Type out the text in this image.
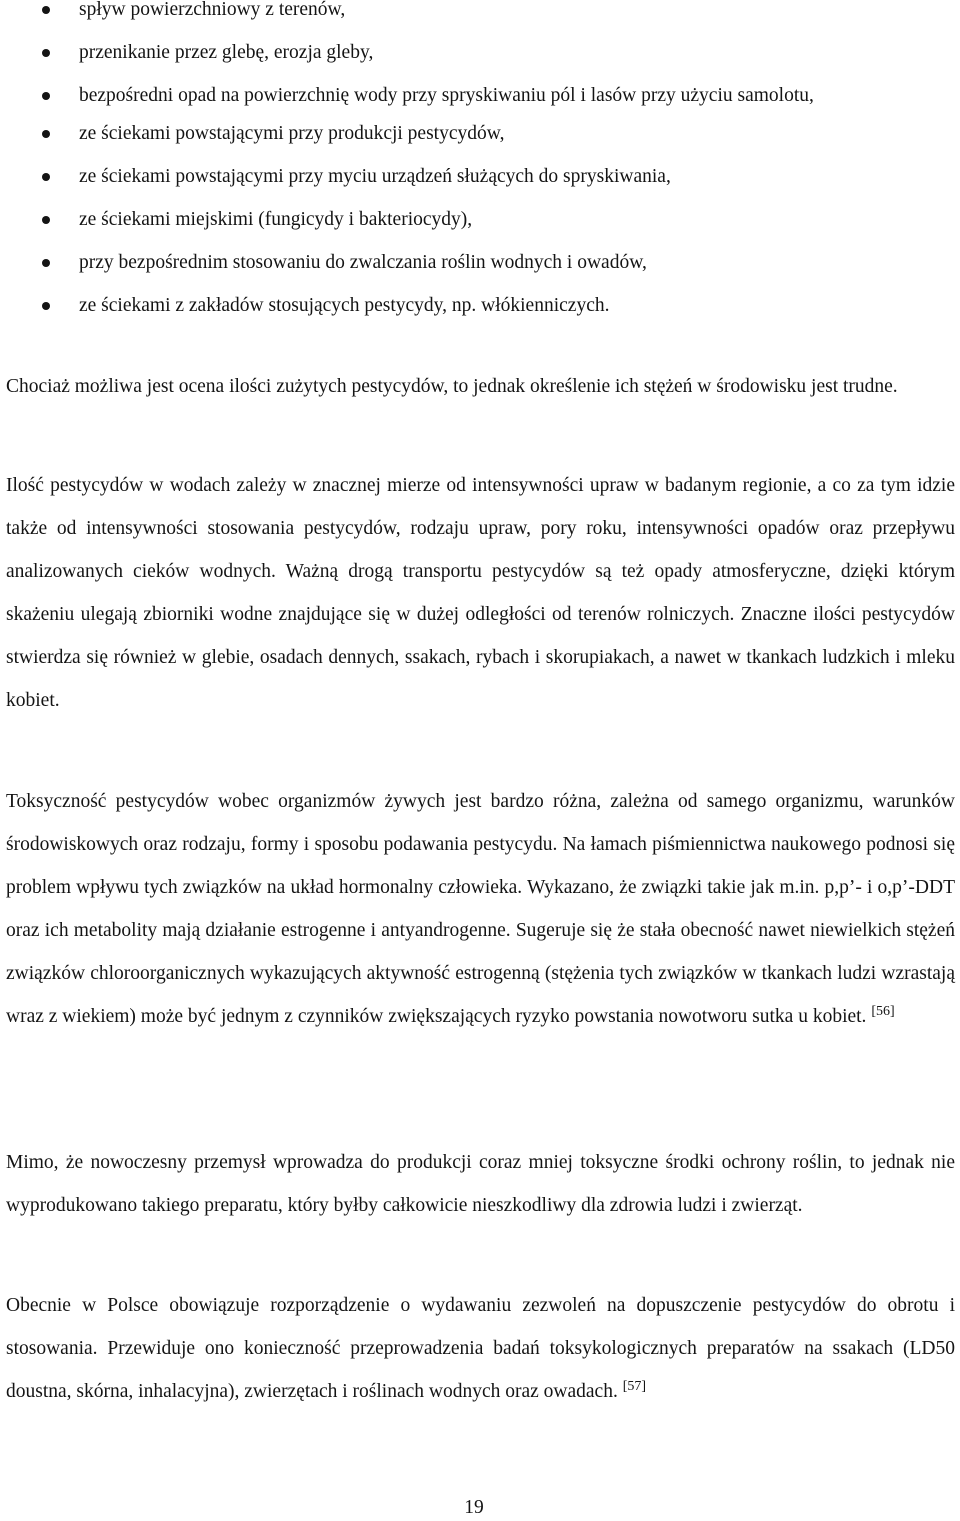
spływ powierzchniowy z terenów,
przenikanie przez glebę, erozja gleby,
bezpośredni opad na powierzchnię wody przy spryskiwaniu pól i lasów przy użyciu samolotu,
ze ściekami powstającymi przy produkcji pestycydów,
ze ściekami powstającymi przy myciu urządzeń służących do spryskiwania,
ze ściekami miejskimi (fungicydy i bakteriocydy),
przy bezpośrednim stosowaniu do zwalczania roślin wodnych i owadów,
ze ściekami z zakładów stosujących pestycydy, np. włókienniczych.

Chociaż możliwa jest ocena ilości zużytych pestycydów, to jednak określenie ich stężeń w środowisku jest trudne.

Ilość pestycydów w wodach zależy w znacznej mierze od intensywności upraw w badanym regionie, a co za tym idzie także od intensywności stosowania pestycydów, rodzaju upraw, pory roku, intensywności opadów oraz przepływu analizowanych cieków wodnych. Ważną drogą transportu pestycydów są też opady atmosferyczne, dzięki którym skażeniu ulegają zbiorniki wodne znajdujące się w dużej odległości od terenów rolniczych. Znaczne ilości pestycydów stwierdza się również w glebie, osadach dennych, ssakach, rybach i skorupiakach, a nawet w tkankach ludzkich i mleku kobiet.

Toksyczność pestycydów wobec organizmów żywych jest bardzo różna, zależna od samego organizmu, warunków środowiskowych oraz rodzaju, formy i sposobu podawania pestycydu. Na łamach piśmiennictwa naukowego podnosi się problem wpływu tych związków na układ hormonalny człowieka. Wykazano, że związki takie jak m.in. p,p’- i o,p’-DDT oraz ich metabolity mają działanie estrogenne i antyandrogenne. Sugeruje się że stała obecność nawet niewielkich stężeń związków chloroorganicznych wykazujących aktywność estrogenną (stężenia tych związków w tkankach ludzi wzrastają wraz z wiekiem) może być jednym z czynników zwiększających ryzyko powstania nowotworu sutka u kobiet. [56]

Mimo, że nowoczesny przemysł wprowadza do produkcji coraz mniej toksyczne środki ochrony roślin, to jednak nie wyprodukowano takiego preparatu, który byłby całkowicie nieszkodliwy dla zdrowia ludzi i zwierząt.

Obecnie w Polsce obowiązuje rozporządzenie o wydawaniu zezwoleń na dopuszczenie pestycydów do obrotu i stosowania. Przewiduje ono konieczność przeprowadzenia badań toksykologicznych preparatów na ssakach (LD50 doustna, skórna, inhalacyjna), zwierzętach i roślinach wodnych oraz owadach. [57]

19
